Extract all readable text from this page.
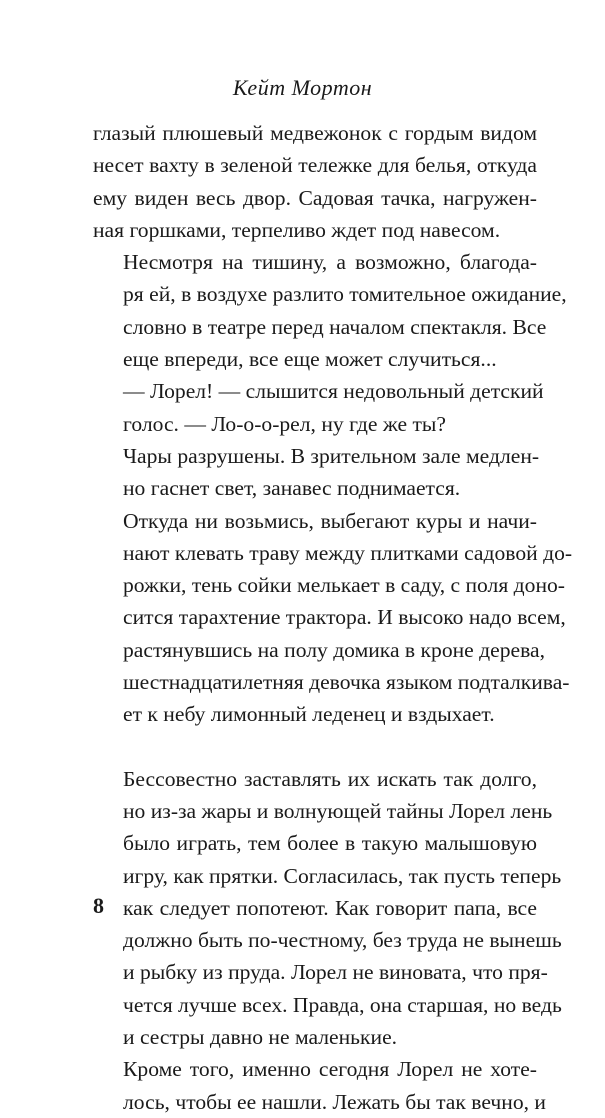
Кейт Мортон

глазый плюшевый медвежонок с гордым видом
несет вахту в зеленой тележке для белья, откуда
ему виден весь двор. Садовая тачка, нагружен-
ная горшками, терпеливо ждет под навесом.

Несмотря на тишину, а возможно, благода-
ря ей, в воздухе разлито томительное ожидание,
словно в театре перед началом спектакля. Все
еще впереди, все еще может случиться...

— Лорел! — слышится недовольный детский
голос. — Ло-о-о-рел, ну где же ты?

Чары разрушены. В зрительном зале медлен-
но гаснет свет, занавес поднимается.

Откуда ни возьмись, выбегают куры и начи-
нают клевать траву между плитками садовой до-
рожки, тень сойки мелькает в саду, с поля доно-
сится тарахтение трактора. И высоко надо всем,
растянувшись на полу домика в кроне дерева,
шестнадцатилетняя девочка языком подталкива-
ет к небу лимонный леденец и вздыхает.

Бессовестно заставлять их искать так долго,
но из-за жары и волнующей тайны Лорел лень
было играть, тем более в такую малышовую
игру, как прятки. Согласилась, так пусть теперь
как следует попотеют. Как говорит папа, все
должно быть по-честному, без труда не вынешь
и рыбку из пруда. Лорел не виновата, что пря-
чется лучше всех. Правда, она старшая, но ведь
и сестры давно не маленькие.

Кроме того, именно сегодня Лорел не хоте-
лось, чтобы ее нашли. Лежать бы так вечно, и

8
